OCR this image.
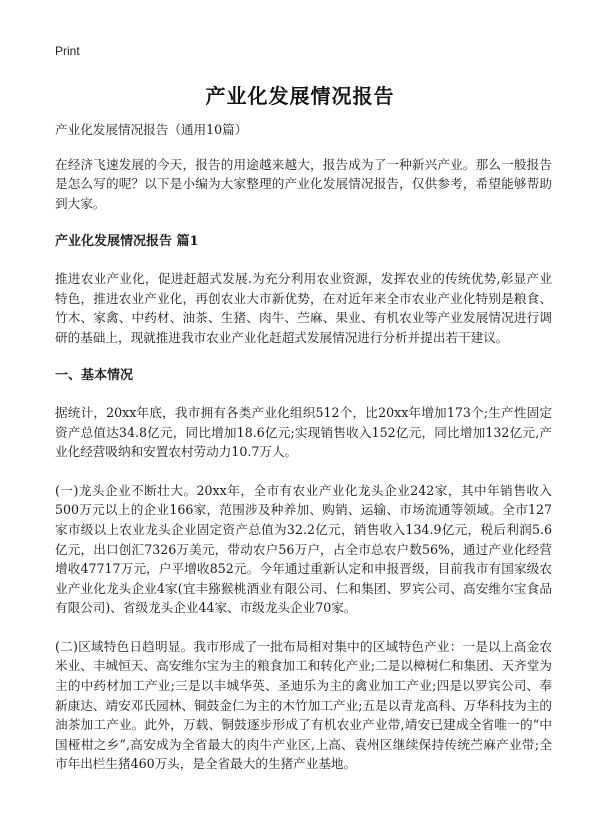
Print
产业化发展情况报告

产业化发展情况报告（通用10篇）

在经济飞速发展的今天，报告的用途越来越大，报告成为了一种新兴产业。那么一般报告是怎么写的呢？以下是小编为大家整理的产业化发展情况报告，仅供参考，希望能够帮助到大家。

产业化发展情况报告 篇1

推进农业产业化，促进赶超式发展.为充分利用农业资源，发挥农业的传统优势,彰显产业特色，推进农业产业化，再创农业大市新优势，在对近年来全市农业产业化特别是粮食、竹木、家禽、中药材、油茶、生猪、肉牛、苎麻、果业、有机农业等产业发展情况进行调研的基础上，现就推进我市农业产业化赶超式发展情况进行分析并提出若干建议。

一、基本情况

据统计，20xx年底，我市拥有各类产业化组织512个，比20xx年增加173个;生产性固定资产总值达34.8亿元，同比增加18.6亿元;实现销售收入152亿元，同比增加132亿元,产业化经营吸纳和安置农村劳动力10.7万人。

(一)龙头企业不断壮大。20xx年，全市有农业产业化龙头企业242家，其中年销售收入500万元以上的企业166家，范围涉及种养加、购销、运输、市场流通等领域。全市127家市级以上农业龙头企业固定资产总值为32.2亿元，销售收入134.9亿元，税后利润5.6亿元，出口创汇7326万美元，带动农户56万户，占全市总农户数56%，通过产业化经营增收47717万元，户平增收852元。今年通过重新认定和申报晋级，目前我市有国家级农业产业化龙头企业4家(宜丰猕猴桃酒业有限公司、仁和集团、罗宾公司、高安维尔宝食品有限公司)、省级龙头企业44家、市级龙头企业70家。

(二)区域特色日趋明显。我市形成了一批布局相对集中的区域特色产业：一是以上高金农米业、丰城恒天、高安维尔宝为主的粮食加工和转化产业;二是以樟树仁和集团、天齐堂为主的中药材加工产业;三是以丰城华英、圣迪乐为主的禽业加工产业;四是以罗宾公司、奉新康达、靖安邓氏园林、铜鼓金仁为主的木竹加工产业;五是以青龙高科、万华科技为主的油茶加工产业。此外，万载、铜鼓逐步形成了有机农业产业带,靖安已建成全省唯一的“中国桠柑之乡”,高安成为全省最大的肉牛产业区,上高、袁州区继续保持传统苎麻产业带;全市年出栏生猪460万头，是全省最大的生猪产业基地。
